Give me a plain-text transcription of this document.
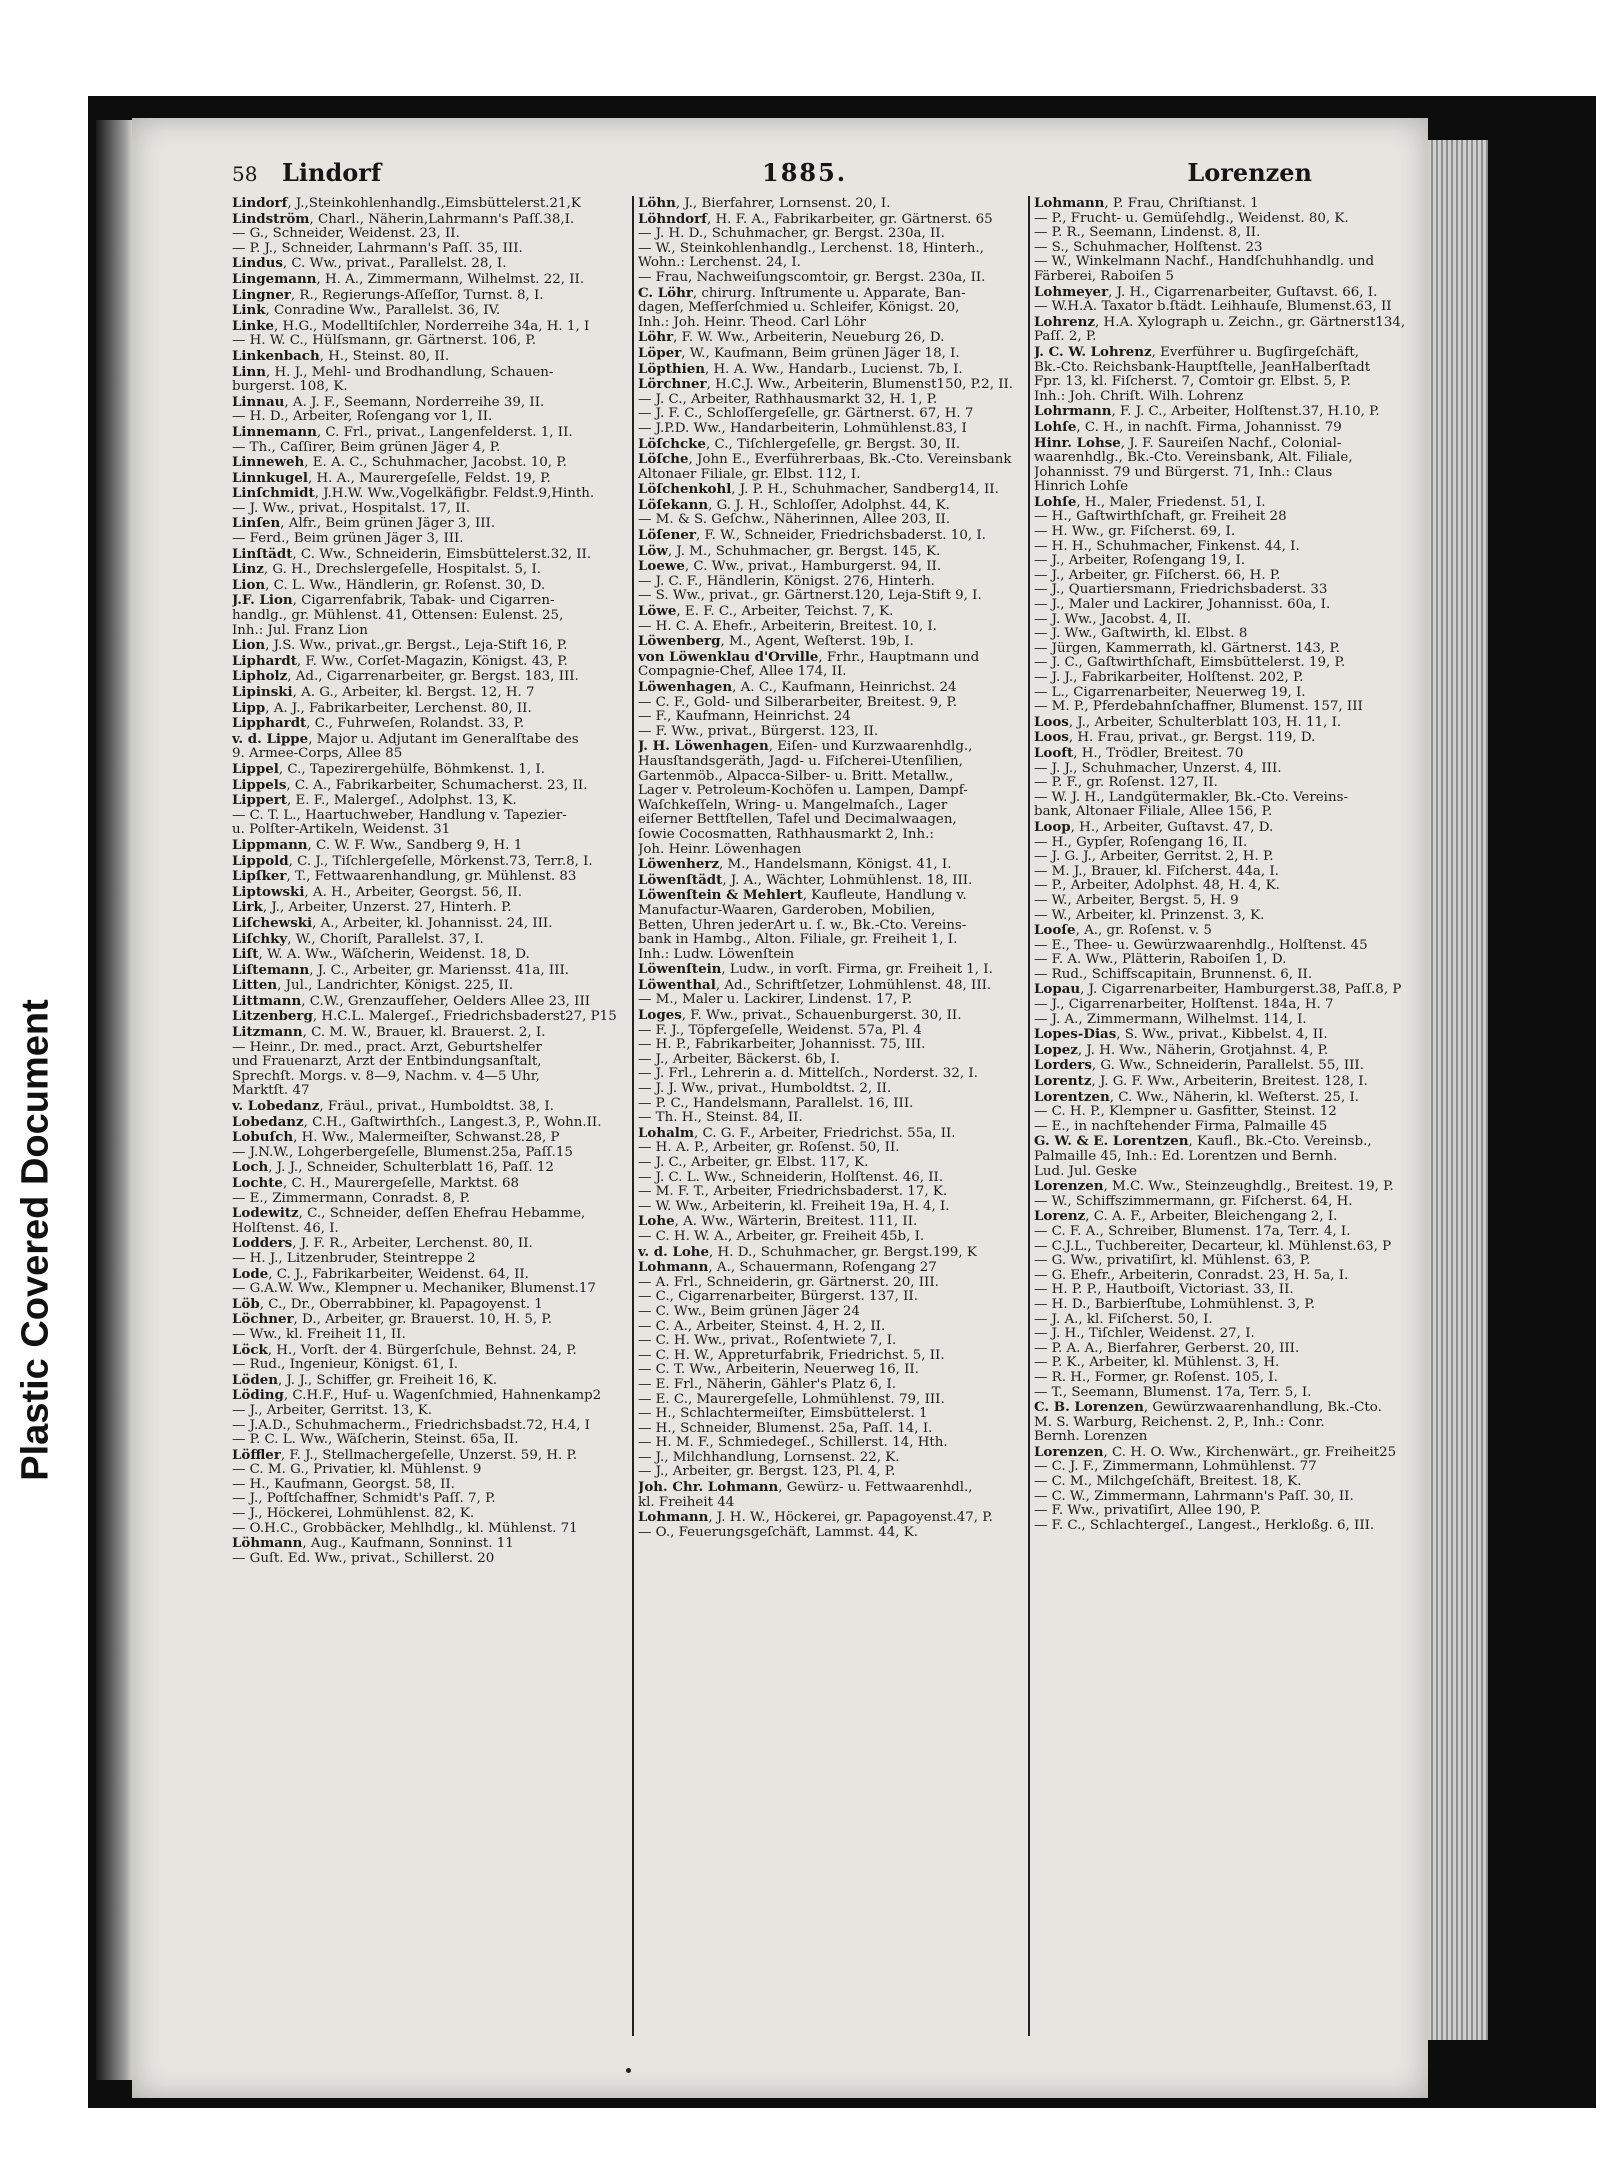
Plastic Covered Document
58 Lindorf	1885.	Lorenzen

Lindorf, J.,Steinkohlenhandlg.,Eimsbüttelerst.21,K

Lindström, Charl., Näherin,Lahrmann's Paſſ.38,I.

— G., Schneider, Weidenst. 23, II.

— P. J., Schneider, Lahrmann's Paſſ. 35, III.

Lindus, C. Ww., privat., Parallelst. 28, I.

Lingemann, H. A., Zimmermann, Wilhelmst. 22, II.

Lingner, R., Regierungs-Aſſeſſor, Turnst. 8, I.

Link, Conradine Ww., Parallelst. 36, IV.

Linke, H.G., Modelltiſchler, Norderreihe 34a, H. 1, I

— H. W. C., Hülſsmann, gr. Gärtnerst. 106, P.

Linkenbach, H., Steinst. 80, II.

Linn, H. J., Mehl- und Brodhandlung, Schauen-

burgerst. 108, K.

Linnau, A. J. F., Seemann, Norderreihe 39, II.

— H. D., Arbeiter, Roſengang vor 1, II.

Linnemann, C. Frl., privat., Langenfelderst. 1, II.

— Th., Caſſirer, Beim grünen Jäger 4, P.

Linneweh, E. A. C., Schuhmacher, Jacobst. 10, P.

Linnkugel, H. A., Maurergeſelle, Feldst. 19, P.

Linſchmidt, J.H.W. Ww.,Vogelkäfigbr. Feldst.9,Hinth.

— J. Ww., privat., Hospitalst. 17, II.

Linſen, Alfr., Beim grünen Jäger 3, III.

— Ferd., Beim grünen Jäger 3, III.

Linſtädt, C. Ww., Schneiderin, Eimsbüttelerst.32, II.

Linz, G. H., Drechslergeſelle, Hospitalst. 5, I.

Lion, C. L. Ww., Händlerin, gr. Roſenst. 30, D.

J.F. Lion, Cigarrenfabrik, Tabak- und Cigarren-

handlg., gr. Mühlenst. 41, Ottensen: Eulenst. 25,

Inh.: Jul. Franz Lion

Lion, J.S. Ww., privat.,gr. Bergst., Leja-Stift 16, P.

Liphardt, F. Ww., Corſet-Magazin, Königst. 43, P.

Lipholz, Ad., Cigarrenarbeiter, gr. Bergst. 183, III.

Lipinski, A. G., Arbeiter, kl. Bergst. 12, H. 7

Lipp, A. J., Fabrikarbeiter, Lerchenst. 80, II.

Lipphardt, C., Fuhrweſen, Rolandst. 33, P.

v. d. Lippe, Major u. Adjutant im Generalſtabe des

9. Armee-Corps, Allee 85

Lippel, C., Tapezirergehülfe, Böhmkenst. 1, I.

Lippels, C. A., Fabrikarbeiter, Schumacherst. 23, II.

Lippert, E. F., Malergeſ., Adolphst. 13, K.

— C. T. L., Haartuchweber, Handlung v. Tapezier-

u. Polſter-Artikeln, Weidenst. 31

Lippmann, C. W. F. Ww., Sandberg 9, H. 1

Lippold, C. J., Tiſchlergeſelle, Mörkenst.73, Terr.8, I.

Lipſker, T., Fettwaarenhandlung, gr. Mühlenst. 83

Liptowski, A. H., Arbeiter, Georgst. 56, II.

Lirk, J., Arbeiter, Unzerst. 27, Hinterh. P.

Liſchewski, A., Arbeiter, kl. Johannisst. 24, III.

Liſchky, W., Choriſt, Parallelst. 37, I.

Liſt, W. A. Ww., Wäſcherin, Weidenst. 18, D.

Liſtemann, J. C., Arbeiter, gr. Mariensst. 41a, III.

Litten, Jul., Landrichter, Königst. 225, II.

Littmann, C.W., Grenzaufſeher, Oelders Allee 23, III

Litzenberg, H.C.L. Malergeſ., Friedrichsbaderst27, P15

Litzmann, C. M. W., Brauer, kl. Brauerst. 2, I.

— Heinr., Dr. med., pract. Arzt, Geburtshelfer

und Frauenarzt, Arzt der Entbindungsanſtalt,

Sprechſt. Morgs. v. 8—9, Nachm. v. 4—5 Uhr,

Marktſt. 47

v. Lobedanz, Fräul., privat., Humboldtst. 38, I.

Lobedanz, C.H., Gaſtwirthſch., Langest.3, P., Wohn.II.

Lobuſch, H. Ww., Malermeiſter, Schwanst.28, P

— J.N.W., Lohgerbergeſelle, Blumenst.25a, Paſſ.15

Loch, J. J., Schneider, Schulterblatt 16, Paſſ. 12

Lochte, C. H., Maurergeſelle, Marktst. 68

— E., Zimmermann, Conradst. 8, P.

Lodewitz, C., Schneider, deſſen Ehefrau Hebamme,

Holſtenst. 46, I.

Lodders, J. F. R., Arbeiter, Lerchenst. 80, II.

— H. J., Litzenbruder, Steintreppe 2

Lode, C. J., Fabrikarbeiter, Weidenst. 64, II.

— G.A.W. Ww., Klempner u. Mechaniker, Blumenst.17

Löb, C., Dr., Oberrabbiner, kl. Papagoyenst. 1

Löchner, D., Arbeiter, gr. Brauerst. 10, H. 5, P.

— Ww., kl. Freiheit 11, II.

Löck, H., Vorſt. der 4. Bürgerſchule, Behnst. 24, P.

— Rud., Ingenieur, Königst. 61, I.

Löden, J. J., Schiffer, gr. Freiheit 16, K.

Löding, C.H.F., Huf- u. Wagenſchmied, Hahnenkamp2

— J., Arbeiter, Gerritst. 13, K.

— J.A.D., Schuhmacherm., Friedrichsbadst.72, H.4, I

— P. C. L. Ww., Wäſcherin, Steinst. 65a, II.

Löffler, F. J., Stellmachergeſelle, Unzerst. 59, H. P.

— C. M. G., Privatier, kl. Mühlenst. 9

— H., Kaufmann, Georgst. 58, II.

— J., Poſtſchaffner, Schmidt's Paſſ. 7, P.

— J., Höckerei, Lohmühlenst. 82, K.

— O.H.C., Grobbäcker, Mehlhdlg., kl. Mühlenst. 71

Löhmann, Aug., Kaufmann, Sonninst. 11

— Guſt. Ed. Ww., privat., Schillerst. 20

Löhn, J., Bierfahrer, Lornsenst. 20, I.

Löhndorf, H. F. A., Fabrikarbeiter, gr. Gärtnerst. 65

— J. H. D., Schuhmacher, gr. Bergst. 230a, II.

— W., Steinkohlenhandlg., Lerchenst. 18, Hinterh.,

Wohn.: Lerchenst. 24, I.

— Frau, Nachweiſungscomtoir, gr. Bergst. 230a, II.

C. Löhr, chirurg. Inſtrumente u. Apparate, Ban-

dagen, Meſſerſchmied u. Schleifer, Königst. 20,

Inh.: Joh. Heinr. Theod. Carl Löhr

Löhr, F. W. Ww., Arbeiterin, Neueburg 26, D.

Löper, W., Kaufmann, Beim grünen Jäger 18, I.

Löpthien, H. A. Ww., Handarb., Lucienst. 7b, I.

Lörchner, H.C.J. Ww., Arbeiterin, Blumenst150, P.2, II.

— J. C., Arbeiter, Rathhausmarkt 32, H. 1, P.

— J. F. C., Schloſſergeſelle, gr. Gärtnerst. 67, H. 7

— J.P.D. Ww., Handarbeiterin, Lohmühlenst.83, I

Löſchcke, C., Tiſchlergeſelle, gr. Bergst. 30, II.

Löſche, John E., Everführerbaas, Bk.-Cto. Vereinsbank

Altonaer Filiale, gr. Elbst. 112, I.

Löſchenkohl, J. P. H., Schuhmacher, Sandberg14, II.

Löſekann, G. J. H., Schloſſer, Adolphst. 44, K.

— M. & S. Geſchw., Näherinnen, Allee 203, II.

Löſener, F. W., Schneider, Friedrichsbaderst. 10, I.

Löw, J. M., Schuhmacher, gr. Bergst. 145, K.

Loewe, C. Ww., privat., Hamburgerst. 94, II.

— J. C. F., Händlerin, Königst. 276, Hinterh.

— S. Ww., privat., gr. Gärtnerst.120, Leja-Stift 9, I.

Löwe, E. F. C., Arbeiter, Teichst. 7, K.

— H. C. A. Ehefr., Arbeiterin, Breitest. 10, I.

Löwenberg, M., Agent, Weſterst. 19b, I.

von Löwenklau d'Orville, Frhr., Hauptmann und

Compagnie-Chef, Allee 174, II.

Löwenhagen, A. C., Kaufmann, Heinrichst. 24

— C. F., Gold- und Silberarbeiter, Breitest. 9, P.

— F., Kaufmann, Heinrichst. 24

— F. Ww., privat., Bürgerst. 123, II.

J. H. Löwenhagen, Eiſen- und Kurzwaarenhdlg.,

Hausſtandsgeräth, Jagd- u. Fiſcherei-Utenſilien,

Gartenmöb., Alpacca-Silber- u. Britt. Metallw.,

Lager v. Petroleum-Kochöfen u. Lampen, Dampf-

Waſchkeſſeln, Wring- u. Mangelmaſch., Lager

eiſerner Bettſtellen, Tafel und Decimalwaagen,

ſowie Cocosmatten, Rathhausmarkt 2, Inh.:

Joh. Heinr. Löwenhagen

Löwenherz, M., Handelsmann, Königst. 41, I.

Löwenſtädt, J. A., Wächter, Lohmühlenst. 18, III.

Löwenſtein & Mehlert, Kaufleute, Handlung v.

Manufactur-Waaren, Garderoben, Mobilien,

Betten, Uhren jederArt u. ſ. w., Bk.-Cto. Vereins-

bank in Hambg., Alton. Filiale, gr. Freiheit 1, I.

Inh.: Ludw. Löwenſtein

Löwenſtein, Ludw., in vorſt. Firma, gr. Freiheit 1, I.

Löwenthal, Ad., Schriftſetzer, Lohmühlenst. 48, III.

— M., Maler u. Lackirer, Lindenst. 17, P.

Loges, F. Ww., privat., Schauenburgerst. 30, II.

— F. J., Töpfergeſelle, Weidenst. 57a, Pl. 4

— H. P., Fabrikarbeiter, Johannisst. 75, III.

— J., Arbeiter, Bäckerst. 6b, I.

— J. Frl., Lehrerin a. d. Mittelſch., Norderst. 32, I.

— J. J. Ww., privat., Humboldtst. 2, II.

— P. C., Handelsmann, Parallelst. 16, III.

— Th. H., Steinst. 84, II.

Lohalm, C. G. F., Arbeiter, Friedrichst. 55a, II.

— H. A. P., Arbeiter, gr. Roſenst. 50, II.

— J. C., Arbeiter, gr. Elbst. 117, K.

— J. C. L. Ww., Schneiderin, Holſtenst. 46, II.

— M. F. T., Arbeiter, Friedrichsbaderst. 17, K.

— W. Ww., Arbeiterin, kl. Freiheit 19a, H. 4, I.

Lohe, A. Ww., Wärterin, Breitest. 111, II.

— C. H. W. A., Arbeiter, gr. Freiheit 45b, I.

v. d. Lohe, H. D., Schuhmacher, gr. Bergst.199, K

Lohmann, A., Schauermann, Roſengang 27

— A. Frl., Schneiderin, gr. Gärtnerst. 20, III.

— C., Cigarrenarbeiter, Bürgerst. 137, II.

— C. Ww., Beim grünen Jäger 24

— C. A., Arbeiter, Steinst. 4, H. 2, II.

— C. H. Ww., privat., Roſentwiete 7, I.

— C. H. W., Appreturfabrik, Friedrichst. 5, II.

— C. T. Ww., Arbeiterin, Neuerweg 16, II.

— E. Frl., Näherin, Gähler's Platz 6, I.

— E. C., Maurergeſelle, Lohmühlenst. 79, III.

— H., Schlachtermeiſter, Eimsbüttelerst. 1

— H., Schneider, Blumenst. 25a, Paſſ. 14, I.

— H. M. F., Schmiedegeſ., Schillerst. 14, Hth.

— J., Milchhandlung, Lornsenst. 22, K.

— J., Arbeiter, gr. Bergst. 123, Pl. 4, P.

Joh. Chr. Lohmann, Gewürz- u. Fettwaarenhdl.,

kl. Freiheit 44

Lohmann, J. H. W., Höckerei, gr. Papagoyenst.47, P.

— O., Feuerungsgeſchäft, Lammst. 44, K.

Lohmann, P. Frau, Chriſtianst. 1

— P., Frucht- u. Gemüſehdlg., Weidenst. 80, K.

— P. R., Seemann, Lindenst. 8, II.

— S., Schuhmacher, Holſtenst. 23

— W., Winkelmann Nachf., Handſchuhhandlg. und

Färberei, Raboiſen 5

Lohmeyer, J. H., Cigarrenarbeiter, Guſtavst. 66, I.

— W.H.A. Taxator b.ſtädt. Leihhauſe, Blumenst.63, II

Lohrenz, H.A. Xylograph u. Zeichn., gr. Gärtnerst134,

Paſſ. 2, P.

J. C. W. Lohrenz, Everführer u. Bugſirgeſchäft,

Bk.-Cto. Reichsbank-Hauptſtelle, JeanHalberſtadt

Fpr. 13, kl. Fiſcherst. 7, Comtoir gr. Elbst. 5, P.

Inh.: Joh. Chriſt. Wilh. Lohrenz

Lohrmann, F. J. C., Arbeiter, Holſtenst.37, H.10, P.

Lohſe, C. H., in nachſt. Firma, Johannisst. 79

Hinr. Lohse, J. F. Saureiſen Nachf., Colonial-

waarenhdlg., Bk.-Cto. Vereinsbank, Alt. Filiale,

Johannisst. 79 und Bürgerst. 71, Inh.: Claus

Hinrich Lohſe

Lohſe, H., Maler, Friedenst. 51, I.

— H., Gaſtwirthſchaft, gr. Freiheit 28

— H. Ww., gr. Fiſcherst. 69, I.

— H. H., Schuhmacher, Finkenst. 44, I.

— J., Arbeiter, Roſengang 19, I.

— J., Arbeiter, gr. Fiſcherst. 66, H. P.

— J., Quartiersmann, Friedrichsbaderst. 33

— J., Maler und Lackirer, Johannisst. 60a, I.

— J. Ww., Jacobst. 4, II.

— J. Ww., Gaſtwirth, kl. Elbst. 8

— Jürgen, Kammerrath, kl. Gärtnerst. 143, P.

— J. C., Gaſtwirthſchaft, Eimsbüttelerst. 19, P.

— J. J., Fabrikarbeiter, Holſtenst. 202, P.

— L., Cigarrenarbeiter, Neuerweg 19, I.

— M. P., Pferdebahnſchaffner, Blumenst. 157, III

Loos, J., Arbeiter, Schulterblatt 103, H. 11, I.

Loos, H. Frau, privat., gr. Bergst. 119, D.

Looft, H., Trödler, Breitest. 70

— J. J., Schuhmacher, Unzerst. 4, III.

— P. F., gr. Roſenst. 127, II.

— W. J. H., Landgütermakler, Bk.-Cto. Vereins-

bank, Altonaer Filiale, Allee 156, P.

Loop, H., Arbeiter, Guſtavst. 47, D.

— H., Gypſer, Roſengang 16, II.

— J. G. J., Arbeiter, Gerritst. 2, H. P.

— M. J., Brauer, kl. Fiſcherst. 44a, I.

— P., Arbeiter, Adolphst. 48, H. 4, K.

— W., Arbeiter, Bergst. 5, H. 9

— W., Arbeiter, kl. Prinzenst. 3, K.

Looſe, A., gr. Roſenst. v. 5

— E., Thee- u. Gewürzwaarenhdlg., Holſtenst. 45

— F. A. Ww., Plätterin, Raboiſen 1, D.

— Rud., Schiffscapitain, Brunnenst. 6, II.

Lopau, J. Cigarrenarbeiter, Hamburgerst.38, Paſſ.8, P

— J., Cigarrenarbeiter, Holſtenst. 184a, H. 7

— J. A., Zimmermann, Wilhelmst. 114, I.

Lopes-Dias, S. Ww., privat., Kibbelst. 4, II.

Lopez, J. H. Ww., Näherin, Grotjahnst. 4, P.

Lorders, G. Ww., Schneiderin, Parallelst. 55, III.

Lorentz, J. G. F. Ww., Arbeiterin, Breitest. 128, I.

Lorentzen, C. Ww., Näherin, kl. Weſterst. 25, I.

— C. H. P., Klempner u. Gasfitter, Steinst. 12

— E., in nachſtehender Firma, Palmaille 45

G. W. & E. Lorentzen, Kaufl., Bk.-Cto. Vereinsb.,

Palmaille 45, Inh.: Ed. Lorentzen und Bernh.

Lud. Jul. Geske

Lorenzen, M.C. Ww., Steinzeughdlg., Breitest. 19, P.

— W., Schiffszimmermann, gr. Fiſcherst. 64, H.

Lorenz, C. A. F., Arbeiter, Bleichengang 2, I.

— C. F. A., Schreiber, Blumenst. 17a, Terr. 4, I.

— C.J.L., Tuchbereiter, Decarteur, kl. Mühlenst.63, P

— G. Ww., privatiſirt, kl. Mühlenst. 63, P.

— G. Ehefr., Arbeiterin, Conradst. 23, H. 5a, I.

— H. P. P., Hautboiſt, Victoriast. 33, II.

— H. D., Barbierſtube, Lohmühlenst. 3, P.

— J. A., kl. Fiſcherst. 50, I.

— J. H., Tiſchler, Weidenst. 27, I.

— P. A. A., Bierfahrer, Gerberst. 20, III.

— P. K., Arbeiter, kl. Mühlenst. 3, H.

— R. H., Former, gr. Roſenst. 105, I.

— T., Seemann, Blumenst. 17a, Terr. 5, I.

C. B. Lorenzen, Gewürzwaarenhandlung, Bk.-Cto.

M. S. Warburg, Reichenst. 2, P., Inh.: Conr.

Bernh. Lorenzen

Lorenzen, C. H. O. Ww., Kirchenwärt., gr. Freiheit25

— C. J. F., Zimmermann, Lohmühlenst. 77

— C. M., Milchgeſchäft, Breitest. 18, K.

— C. W., Zimmermann, Lahrmann's Paſſ. 30, II.

— F. Ww., privatiſirt, Allee 190, P.

— F. C., Schlachtergeſ., Langest., Herkloßg. 6, III.
